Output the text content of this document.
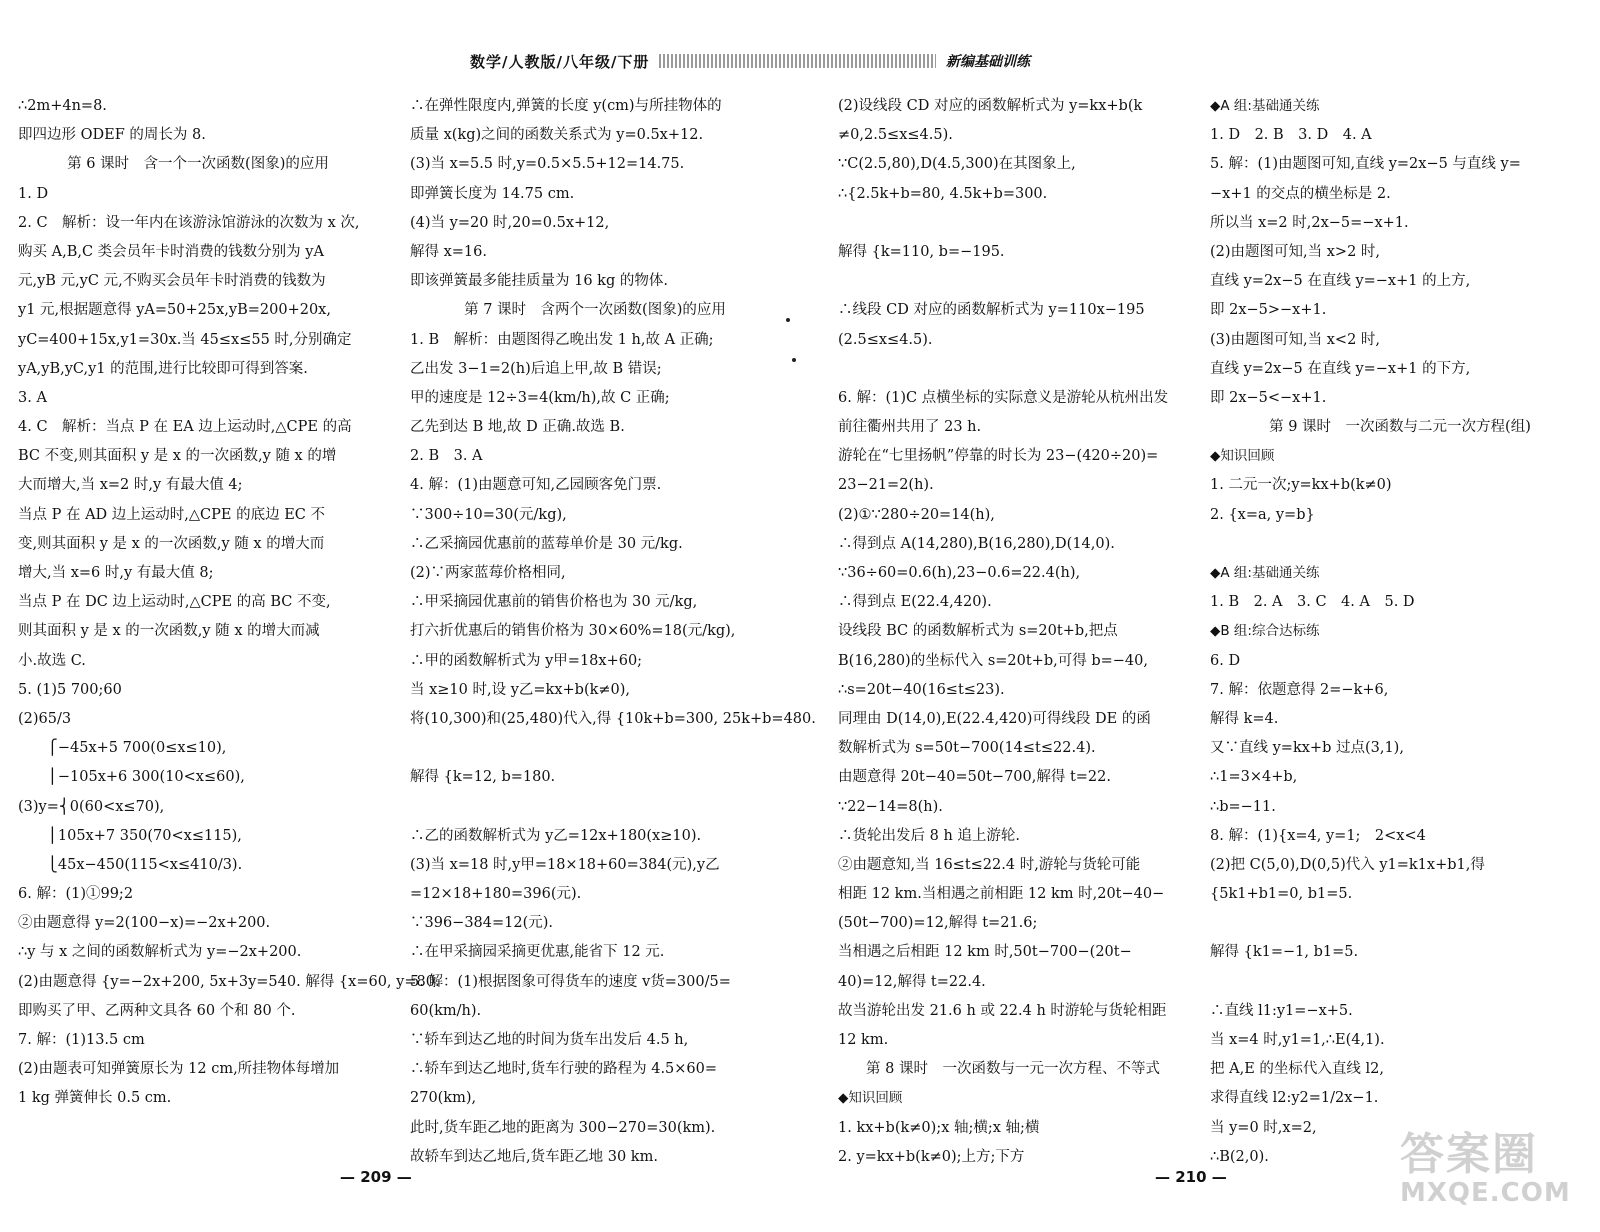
数学/人教版/八年级/下册	新编基础训练
∴2m+4n=8.
即四边形 ODEF 的周长为 8.
第 6 课时　含一个一次函数(图象)的应用
1. D
2. C　解析：设一年内在该游泳馆游泳的次数为 x 次,
购买 A,B,C 类会员年卡时消费的钱数分别为 yA
元,yB 元,yC 元,不购买会员年卡时消费的钱数为
y1 元,根据题意得 yA=50+25x,yB=200+20x,
yC=400+15x,y1=30x.当 45≤x≤55 时,分别确定
yA,yB,yC,y1 的范围,进行比较即可得到答案.
3. A
4. C　解析：当点 P 在 EA 边上运动时,△CPE 的高
BC 不变,则其面积 y 是 x 的一次函数,y 随 x 的增
大而增大,当 x=2 时,y 有最大值 4;
当点 P 在 AD 边上运动时,△CPE 的底边 EC 不
变,则其面积 y 是 x 的一次函数,y 随 x 的增大而
增大,当 x=6 时,y 有最大值 8;
当点 P 在 DC 边上运动时,△CPE 的高 BC 不变,
则其面积 y 是 x 的一次函数,y 随 x 的增大而减
小.故选 C.
5. (1)5 700;60
(2)65/3
　　⎧−45x+5 700(0≤x≤10),
　　⎪−105x+6 300(10<x≤60),
(3)y=⎨0(60<x≤70),
　　⎪105x+7 350(70<x≤115),
　　⎩45x−450(115<x≤410/3).
6. 解：(1)①99;2
②由题意得 y=2(100−x)=−2x+200.
∴y 与 x 之间的函数解析式为 y=−2x+200.
(2)由题意得 {y=−2x+200, 5x+3y=540. 解得 {x=60, y=80.
即购买了甲、乙两种文具各 60 个和 80 个.
7. 解：(1)13.5 cm
(2)由题表可知弹簧原长为 12 cm,所挂物体每增加
1 kg 弹簧伸长 0.5 cm.
∴在弹性限度内,弹簧的长度 y(cm)与所挂物体的
质量 x(kg)之间的函数关系式为 y=0.5x+12.
(3)当 x=5.5 时,y=0.5×5.5+12=14.75.
即弹簧长度为 14.75 cm.
(4)当 y=20 时,20=0.5x+12,
解得 x=16.
即该弹簧最多能挂质量为 16 kg 的物体.
第 7 课时　含两个一次函数(图象)的应用
1. B　解析：由题图得乙晚出发 1 h,故 A 正确;
乙出发 3−1=2(h)后追上甲,故 B 错误;
甲的速度是 12÷3=4(km/h),故 C 正确;
乙先到达 B 地,故 D 正确.故选 B.
2. B　3. A
4. 解：(1)由题意可知,乙园顾客免门票.
∵300÷10=30(元/kg),
∴乙采摘园优惠前的蓝莓单价是 30 元/kg.
(2)∵两家蓝莓价格相同,
∴甲采摘园优惠前的销售价格也为 30 元/kg,
打六折优惠后的销售价格为 30×60%=18(元/kg),
∴甲的函数解析式为 y甲=18x+60;
当 x≥10 时,设 y乙=kx+b(k≠0),
将(10,300)和(25,480)代入,得 {10k+b=300, 25k+b=480.
解得 {k=12, b=180.
∴乙的函数解析式为 y乙=12x+180(x≥10).
(3)当 x=18 时,y甲=18×18+60=384(元),y乙
=12×18+180=396(元).
∵396−384=12(元).
∴在甲采摘园采摘更优惠,能省下 12 元.
5. 解：(1)根据图象可得货车的速度 v货=300/5=
60(km/h).
∵轿车到达乙地的时间为货车出发后 4.5 h,
∴轿车到达乙地时,货车行驶的路程为 4.5×60=
270(km),
此时,货车距乙地的距离为 300−270=30(km).
故轿车到达乙地后,货车距乙地 30 km.
(2)设线段 CD 对应的函数解析式为 y=kx+b(k
≠0,2.5≤x≤4.5).
∵C(2.5,80),D(4.5,300)在其图象上,
∴{2.5k+b=80, 4.5k+b=300.
解得 {k=110, b=−195.
∴线段 CD 对应的函数解析式为 y=110x−195
(2.5≤x≤4.5).
6. 解：(1)C 点横坐标的实际意义是游轮从杭州出发
前往衢州共用了 23 h.
游轮在“七里扬帆”停靠的时长为 23−(420÷20)=
23−21=2(h).
(2)①∵280÷20=14(h),
∴得到点 A(14,280),B(16,280),D(14,0).
∵36÷60=0.6(h),23−0.6=22.4(h),
∴得到点 E(22.4,420).
设线段 BC 的函数解析式为 s=20t+b,把点
B(16,280)的坐标代入 s=20t+b,可得 b=−40,
∴s=20t−40(16≤t≤23).
同理由 D(14,0),E(22.4,420)可得线段 DE 的函
数解析式为 s=50t−700(14≤t≤22.4).
由题意得 20t−40=50t−700,解得 t=22.
∵22−14=8(h).
∴货轮出发后 8 h 追上游轮.
②由题意知,当 16≤t≤22.4 时,游轮与货轮可能
相距 12 km.当相遇之前相距 12 km 时,20t−40−
(50t−700)=12,解得 t=21.6;
当相遇之后相距 12 km 时,50t−700−(20t−
40)=12,解得 t=22.4.
故当游轮出发 21.6 h 或 22.4 h 时游轮与货轮相距
12 km.
第 8 课时　一次函数与一元一次方程、不等式
◆知识回顾
1. kx+b(k≠0);x 轴;横;x 轴;横
2. y=kx+b(k≠0);上方;下方
◆A 组:基础通关练
1. D　2. B　3. D　4. A
5. 解：(1)由题图可知,直线 y=2x−5 与直线 y=
−x+1 的交点的横坐标是 2.
所以当 x=2 时,2x−5=−x+1.
(2)由题图可知,当 x>2 时,
直线 y=2x−5 在直线 y=−x+1 的上方,
即 2x−5>−x+1.
(3)由题图可知,当 x<2 时,
直线 y=2x−5 在直线 y=−x+1 的下方,
即 2x−5<−x+1.
第 9 课时　一次函数与二元一次方程(组)
◆知识回顾
1. 二元一次;y=kx+b(k≠0)
2. {x=a, y=b}
◆A 组:基础通关练
1. B　2. A　3. C　4. A　5. D
◆B 组:综合达标练
6. D
7. 解：依题意得 2=−k+6,
解得 k=4.
又∵直线 y=kx+b 过点(3,1),
∴1=3×4+b,
∴b=−11.
8. 解：(1){x=4, y=1;　2<x<4
(2)把 C(5,0),D(0,5)代入 y1=k1x+b1,得
{5k1+b1=0, b1=5.
解得 {k1=−1, b1=5.
∴直线 l1:y1=−x+5.
当 x=4 时,y1=1,∴E(4,1).
把 A,E 的坐标代入直线 l2,
求得直线 l2:y2=1/2x−1.
当 y=0 时,x=2,
∴B(2,0).
— 209 —	— 210 —	答案圈
MXQE.COM
